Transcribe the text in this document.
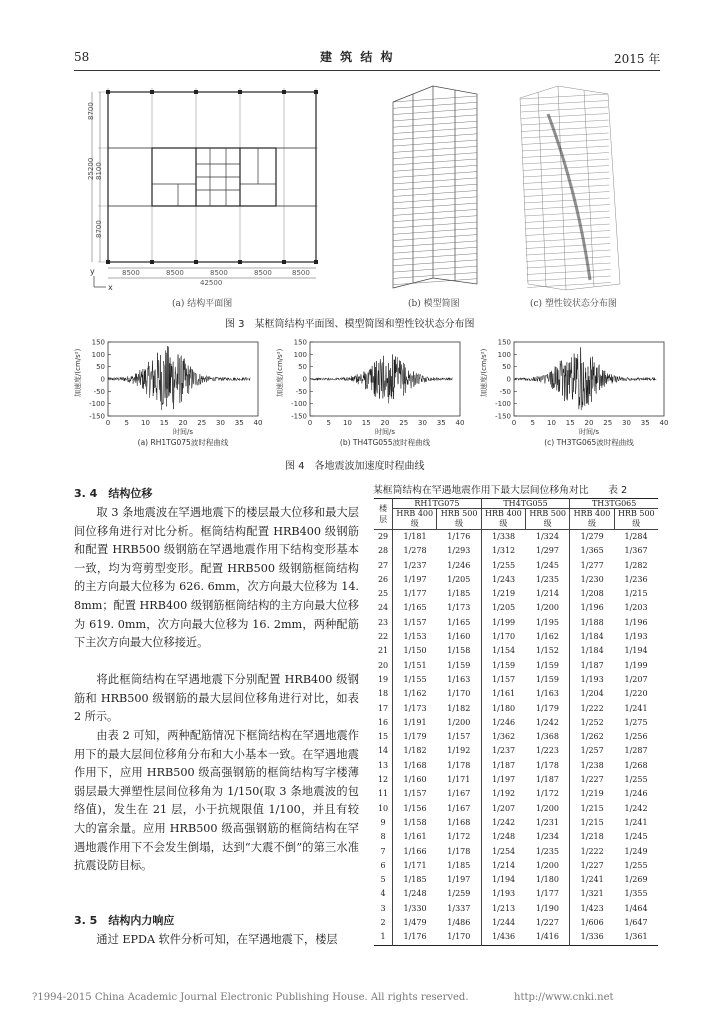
58	建 筑 结 构	2015 年
8700
25200 8100
8700
8500	8500	8500	8500	8500
42500
y
x
(a) 结构平面图	(b) 模型简图	(c) 塑性铰状态分布图
图 3　某框筒结构平面图、模型简图和塑性铰状态分布图
加速度/(cm/s²)
150
100
50
0
-50
-100
-150
0 5 10 15 20 25 30 35 40
时间/s
(a) RH1TG075波时程曲线
加速度/(cm/s²)
150
100
50
0
-50
-100
-150
0 5 10 15 20 25 30 35 40
时间/s
(b) TH4TG055波时程曲线
加速度/(cm/s²)
150
100
50
0
-50
-100
-150
0 5 10 15 20 25 30 35 40
时间/s
(c) TH3TG065波时程曲线
图 4　各地震波加速度时程曲线
3. 4　结构位移
取 3 条地震波在罕遇地震下的楼层最大位移和最大层间位移角进行对比分析。框筒结构配置 HRB400 级钢筋和配置 HRB500 级钢筋在罕遇地震作用下结构变形基本一致，均为弯剪型变形。配置 HRB500 级钢筋框筒结构的主方向最大位移为 626. 6mm，次方向最大位移为 14. 8mm；配置 HRB400 级钢筋框筒结构的主方向最大位移为 619. 0mm，次方向最大位移为 16. 2mm，两种配筋下主次方向最大位移接近。
将此框筒结构在罕遇地震下分别配置 HRB400 级钢筋和 HRB500 级钢筋的最大层间位移角进行对比，如表 2 所示。
由表 2 可知，两种配筋情况下框筒结构在罕遇地震作用下的最大层间位移角分布和大小基本一致。在罕遇地震作用下，应用 HRB500 级高强钢筋的框筒结构写字楼薄弱层最大弹塑性层间位移角为 1/150(取 3 条地震波的包络值)，发生在 21 层，小于抗规限值 1/100，并且有较大的富余量。应用 HRB500 级高强钢筋的框筒结构在罕遇地震作用下不会发生倒塌，达到“大震不倒”的第三水准抗震设防目标。
3. 5　结构内力响应
通过 EPDA 软件分析可知，在罕遇地震下，楼层
某框筒结构在罕遇地震作用下最大层间位移角对比　　表 2
楼层	RH1TG075		TH4TG055		TH3TG065	
	HRB 400 级	HRB 500 级	HRB 400 级	HRB 500 级	HRB 400 级	HRB 500 级
29	1/181	1/176	1/338	1/324	1/279	1/284
28	1/278	1/293	1/312	1/297	1/365	1/367
27	1/237	1/246	1/255	1/245	1/277	1/282
26	1/197	1/205	1/243	1/235	1/230	1/236
25	1/177	1/185	1/219	1/214	1/208	1/215
24	1/165	1/173	1/205	1/200	1/196	1/203
23	1/157	1/165	1/199	1/195	1/188	1/196
22	1/153	1/160	1/170	1/162	1/184	1/193
21	1/150	1/158	1/154	1/152	1/184	1/194
20	1/151	1/159	1/159	1/159	1/187	1/199
19	1/155	1/163	1/157	1/159	1/193	1/207
18	1/162	1/170	1/161	1/163	1/204	1/220
17	1/173	1/182	1/180	1/179	1/222	1/241
16	1/191	1/200	1/246	1/242	1/252	1/275
15	1/179	1/157	1/362	1/368	1/262	1/256
14	1/182	1/192	1/237	1/223	1/257	1/287
13	1/168	1/178	1/187	1/178	1/238	1/268
12	1/160	1/171	1/197	1/187	1/227	1/255
11	1/157	1/167	1/192	1/172	1/219	1/246
10	1/156	1/167	1/207	1/200	1/215	1/242
9	1/158	1/168	1/242	1/231	1/215	1/241
8	1/161	1/172	1/248	1/234	1/218	1/245
7	1/166	1/178	1/254	1/235	1/222	1/249
6	1/171	1/185	1/214	1/200	1/227	1/255
5	1/185	1/197	1/194	1/180	1/241	1/269
4	1/248	1/259	1/193	1/177	1/321	1/355
3	1/330	1/337	1/213	1/190	1/423	1/464
2	1/479	1/486	1/244	1/227	1/606	1/647
1	1/176	1/170	1/436	1/416	1/336	1/361
?1994-2015 China Academic Journal Electronic Publishing House. All rights reserved.	http://www.cnki.net
